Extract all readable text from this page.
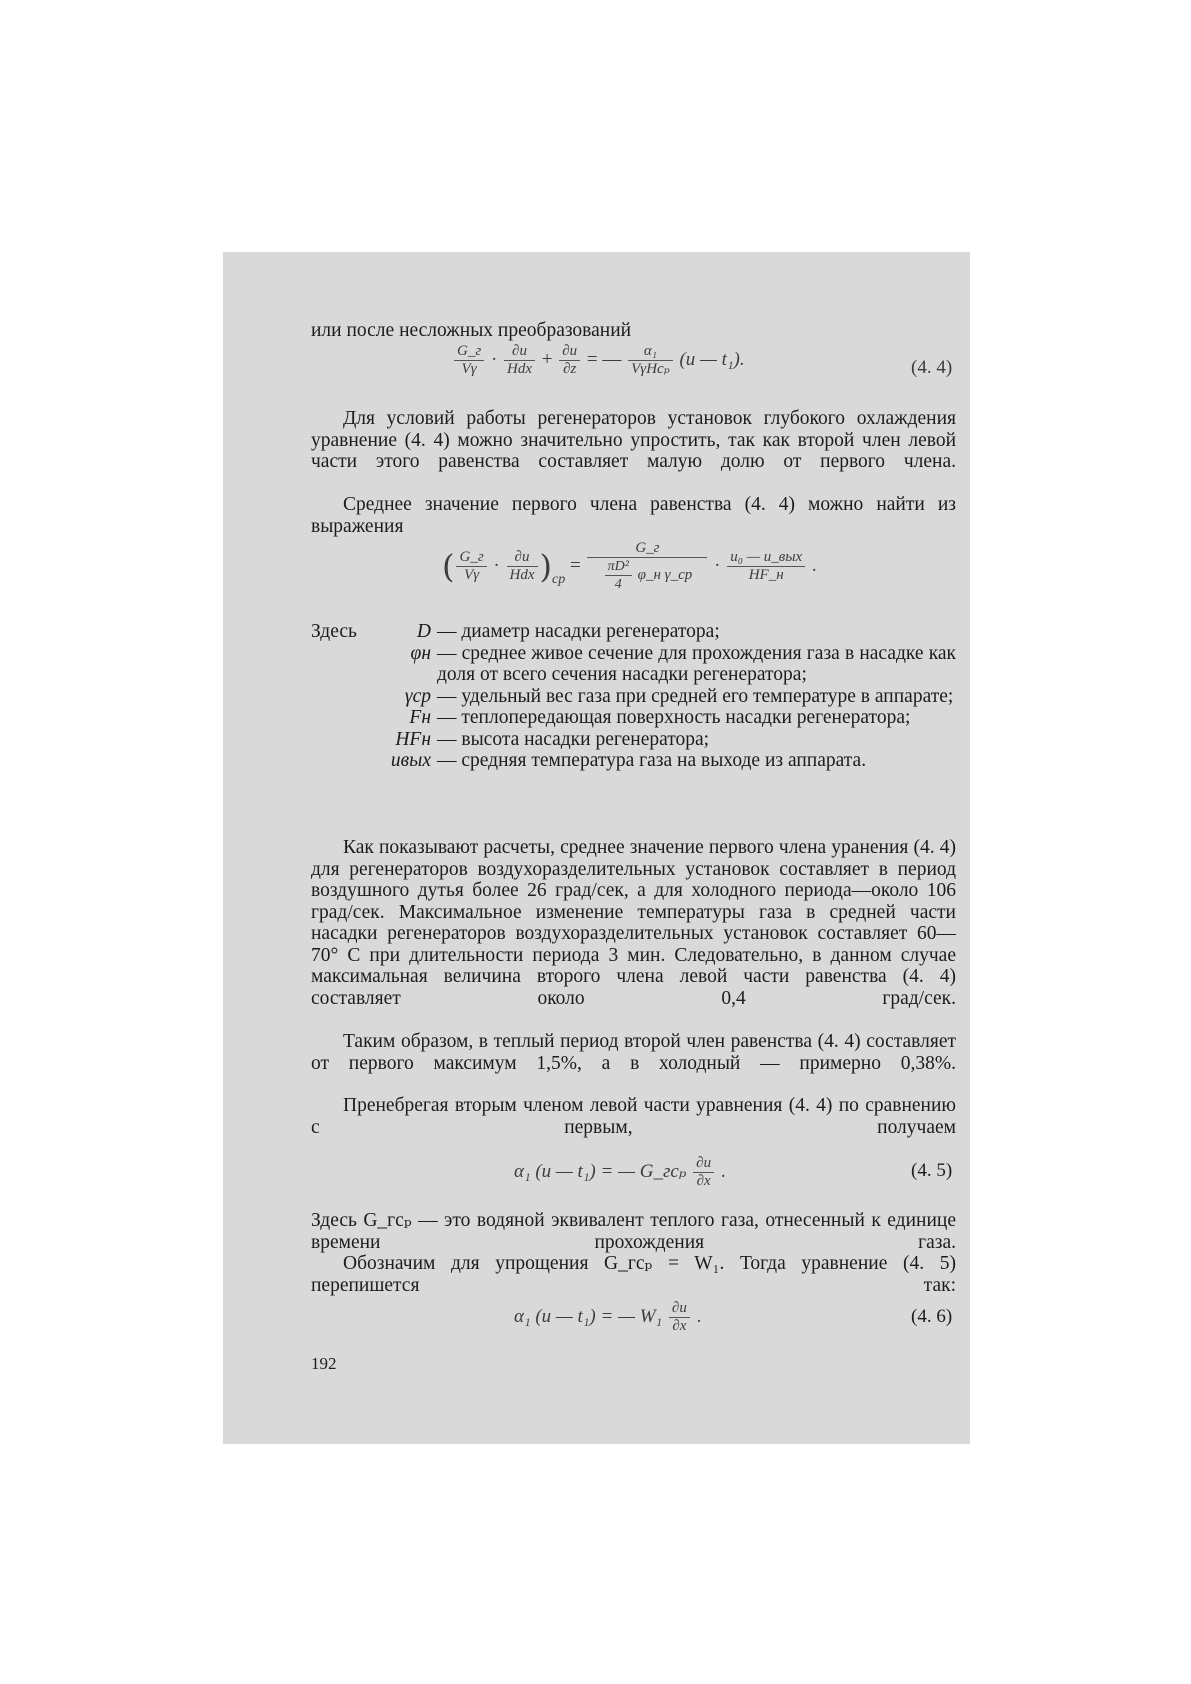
или после несложных преобразований
$\frac{G\_г}{V\gamma} \cdot \frac{\partial u}{\text{Hdx}} + \frac{\partial u}{\partial z}$ = — $\frac{\text{α₁}}{\text{VγHcₚ}} (u$ — t₁).	(4. 4)
Для условий работы регенераторов установок глубокого охлаждения уравнение (4. 4) можно значительно упростить, так как второй член левой части этого равенства составляет малую долю от первого члена.
Среднее значение первого члена равенства (4. 4) можно найти из выражения
( $\frac{G\_г}{V\gamma} \cdot \frac{\partial u}{\text{Hdx}} )_{ср} = \frac{G\_г}{\frac{\text{πD²}}{4} \varphi\_н \gamma\_ср} \cdot \frac{\text{u₀ — u\_вых}}{HF\_н}$ .
Здесь	D — диаметр насадки регенератора;
φн — среднее живое сечение для прохождения газа в насадке как доля от всего сечения насадки регенератора;
γср — удельный вес газа при средней его температуре в аппарате;
Fн — теплопередающая поверхность насадки регенератора;
HFн — высота насадки регенератора;
uвых — средняя температура газа на выходе из аппарата.
Как показывают расчеты, среднее значение первого члена уранения (4. 4) для регенераторов воздухоразделительных установок составляет в период воздушного дутья более 26 град/сек, а для холодного периода—около 106 град/сек. Максимальное изменение температуры газа в средней части насадки регенераторов воздухоразделительных установок составляет 60—70° С при длительности периода 3 мин. Следовательно, в данном случае максимальная величина второго члена левой части равенства (4. 4) составляет около 0,4 град/сек.
Таким образом, в теплый период второй член равенства (4. 4) составляет от первого максимум 1,5%, а в холодный — примерно 0,38%.
Пренебрегая вторым членом левой части уравнения (4. 4) по сравнению с первым, получаем
α₁ (u — t₁) = — G_гcₚ $\frac{\partial u}{\partial x}$ .	(4. 5)
Здесь G_гcₚ — это водяной эквивалент теплого газа, отнесенный к единице времени прохождения газа.
Обозначим для упрощения G_гcₚ = W₁. Тогда уравнение (4. 5) перепишется так:
α₁ (u — t₁) = — $W_1 \frac{\partial u}{\partial x}$ .	(4. 6)
192
